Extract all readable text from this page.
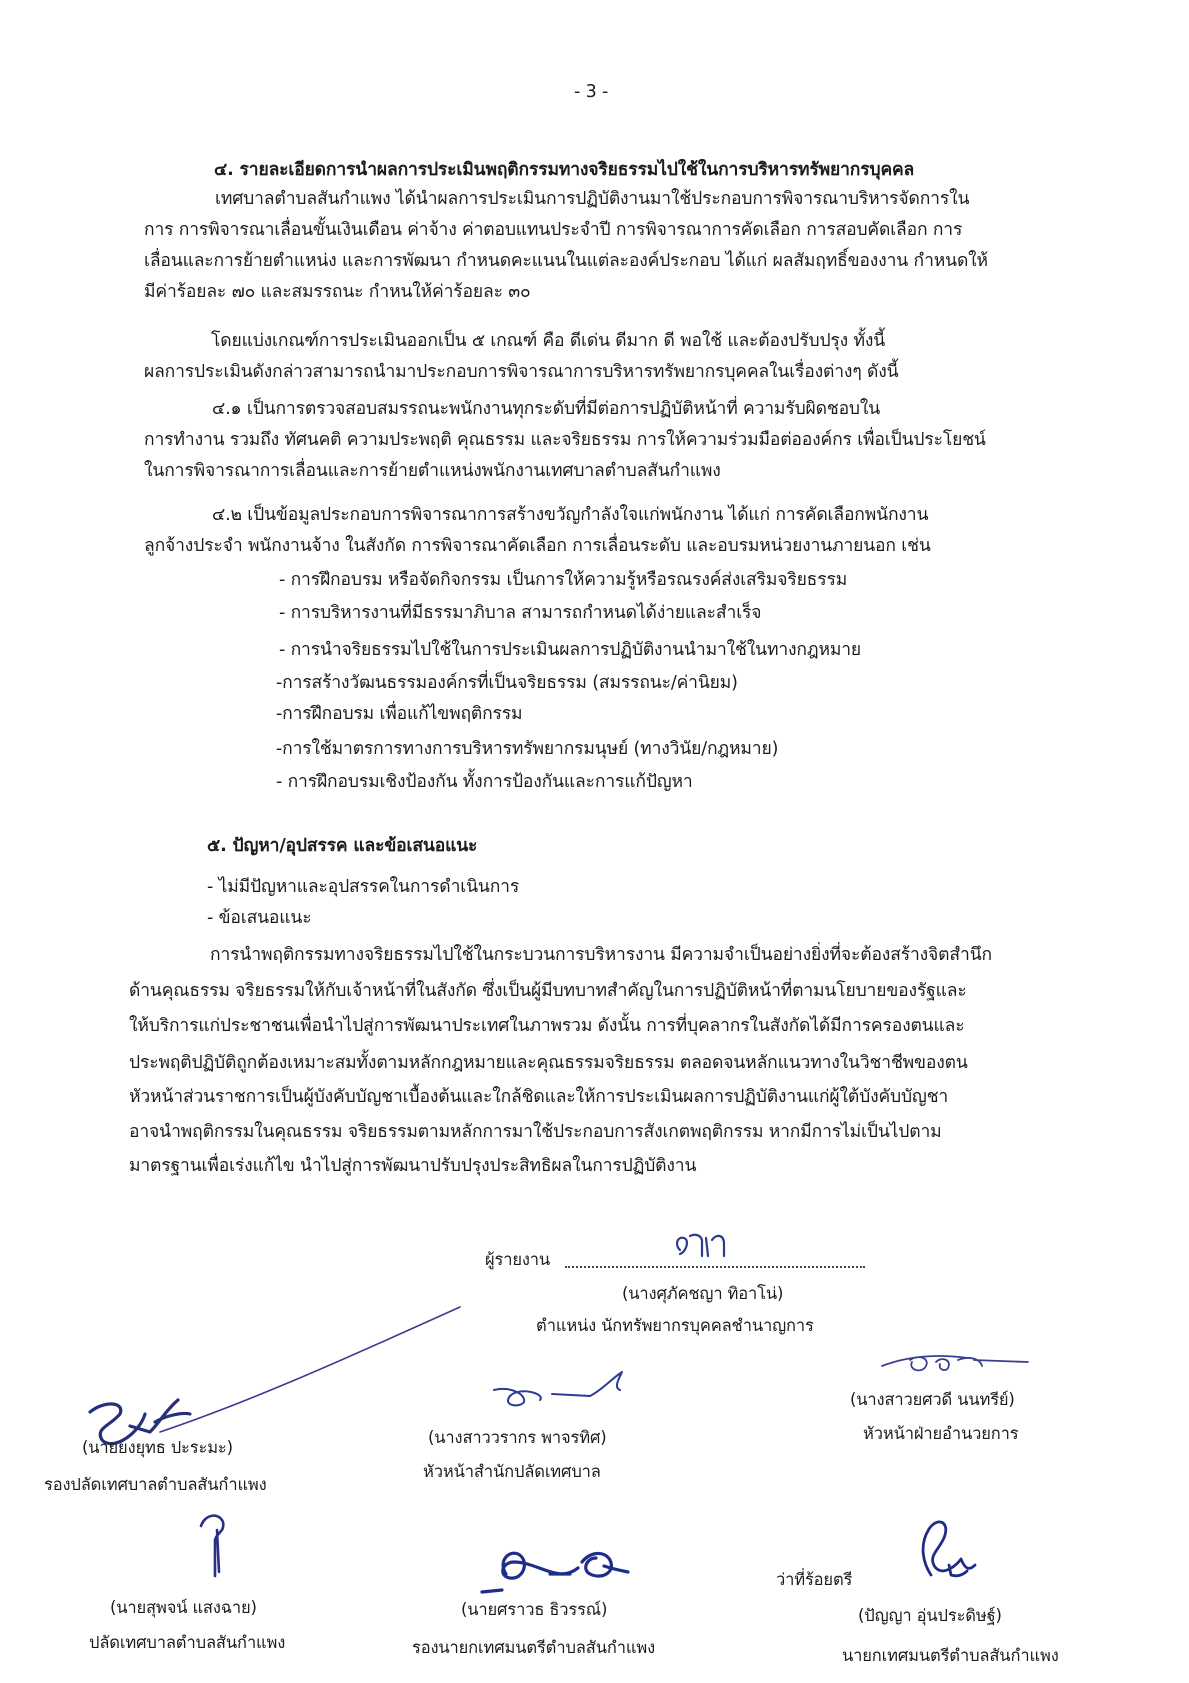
- 3 -
๔. รายละเอียดการนำผลการประเมินพฤติกรรมทางจริยธรรมไปใช้ในการบริหารทรัพยากรบุคคล
เทศบาลตำบลสันกำแพง ได้นำผลการประเมินการปฏิบัติงานมาใช้ประกอบการพิจารณาบริหารจัดการใน
การ การพิจารณาเลื่อนขั้นเงินเดือน ค่าจ้าง ค่าตอบแทนประจำปี การพิจารณาการคัดเลือก การสอบคัดเลือก การ
เลื่อนและการย้ายตำแหน่ง และการพัฒนา กำหนดคะแนนในแต่ละองค์ประกอบ ได้แก่ ผลสัมฤทธิ์ของงาน กำหนดให้
มีค่าร้อยละ ๗๐ และสมรรถนะ กำหนให้ค่าร้อยละ ๓๐
โดยแบ่งเกณฑ์การประเมินออกเป็น ๕ เกณฑ์ คือ ดีเด่น ดีมาก ดี พอใช้ และต้องปรับปรุง ทั้งนี้
ผลการประเมินดังกล่าวสามารถนำมาประกอบการพิจารณาการบริหารทรัพยากรบุคคลในเรื่องต่างๆ ดังนี้
๔.๑ เป็นการตรวจสอบสมรรถนะพนักงานทุกระดับที่มีต่อการปฏิบัติหน้าที่ ความรับผิดชอบใน
การทำงาน รวมถึง ทัศนคติ ความประพฤติ คุณธรรม และจริยธรรม การให้ความร่วมมือต่อองค์กร เพื่อเป็นประโยชน์
ในการพิจารณาการเลื่อนและการย้ายตำแหน่งพนักงานเทศบาลตำบลสันกำแพง
๔.๒ เป็นข้อมูลประกอบการพิจารณาการสร้างขวัญกำลังใจแก่พนักงาน ได้แก่ การคัดเลือกพนักงาน
ลูกจ้างประจำ พนักงานจ้าง ในสังกัด การพิจารณาคัดเลือก การเลื่อนระดับ และอบรมหน่วยงานภายนอก เช่น
- การฝึกอบรม หรือจัดกิจกรรม เป็นการให้ความรู้หรือรณรงค์ส่งเสริมจริยธรรม
- การบริหารงานที่มีธรรมาภิบาล สามารถกำหนดได้ง่ายและสำเร็จ
- การนำจริยธรรมไปใช้ในการประเมินผลการปฏิบัติงานนำมาใช้ในทางกฎหมาย
-การสร้างวัฒนธรรมองค์กรที่เป็นจริยธรรม (สมรรถนะ/ค่านิยม)
-การฝึกอบรม เพื่อแก้ไขพฤติกรรม
-การใช้มาตรการทางการบริหารทรัพยากรมนุษย์ (ทางวินัย/กฎหมาย)
- การฝึกอบรมเชิงป้องกัน ทั้งการป้องกันและการแก้ปัญหา
๕. ปัญหา/อุปสรรค และข้อเสนอแนะ
- ไม่มีปัญหาและอุปสรรคในการดำเนินการ
- ข้อเสนอแนะ
การนำพฤติกรรมทางจริยธรรมไปใช้ในกระบวนการบริหารงาน มีความจำเป็นอย่างยิ่งที่จะต้องสร้างจิตสำนึก
ด้านคุณธรรม จริยธรรมให้กับเจ้าหน้าที่ในสังกัด ซึ่งเป็นผู้มีบทบาทสำคัญในการปฏิบัติหน้าที่ตามนโยบายของรัฐและ
ให้บริการแก่ประชาชนเพื่อนำไปสู่การพัฒนาประเทศในภาพรวม ดังนั้น การที่บุคลากรในสังกัดได้มีการครองตนและ
ประพฤติปฏิบัติถูกต้องเหมาะสมทั้งตามหลักกฎหมายและคุณธรรมจริยธรรม ตลอดจนหลักแนวทางในวิชาชีพของตน
หัวหน้าส่วนราชการเป็นผู้บังคับบัญชาเบื้องต้นและใกล้ชิดและให้การประเมินผลการปฏิบัติงานแก่ผู้ใต้บังคับบัญชา
อาจนำพฤติกรรมในคุณธรรม จริยธรรมตามหลักการมาใช้ประกอบการสังเกตพฤติกรรม หากมีการไม่เป็นไปตาม
มาตรฐานเพื่อเร่งแก้ไข นำไปสู่การพัฒนาปรับปรุงประสิทธิผลในการปฏิบัติงาน
ผู้รายงาน
(นางศุภัคชญา ทิอาโน่)
ตำแหน่ง นักทรัพยากรบุคคลชำนาญการ
(นายยงยุทธ ปะระมะ)
รองปลัดเทศบาลตำบลสันกำแพง
(นางสาววรากร พาจรทิศ)
หัวหน้าสำนักปลัดเทศบาล
(นางสาวยศวดี นนทรีย์)
หัวหน้าฝ่ายอำนวยการ
(นายสุพจน์ แสงฉาย)
ปลัดเทศบาลตำบลสันกำแพง
(นายศราวธ ธิวรรณ์)
รองนายกเทศมนตรีตำบลสันกำแพง
ว่าที่ร้อยตรี
(ปัญญา อุ่นประดิษฐ์)
นายกเทศมนตรีตำบลสันกำแพง
